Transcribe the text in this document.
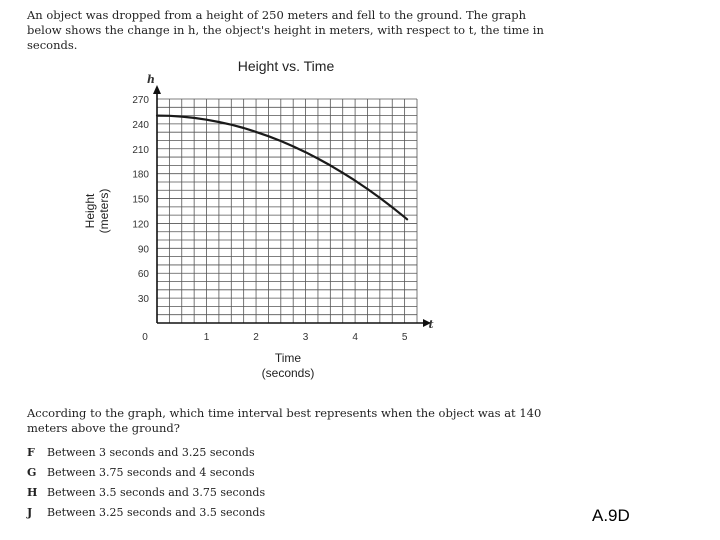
An object was dropped from a height of 250 meters and fell to the ground. The graph below shows the change in h, the object's height in meters, with respect to t, the time in seconds.

Height vs. Time
30
60
90
120
150
180
210
240
270
1	2	3	4	5
0
h
t
Time
(seconds)
Height (meters)

According to the graph, which time interval best represents when the object was at 140 meters above the ground?

F Between 3 seconds and 3.25 seconds
G Between 3.75 seconds and 4 seconds
H Between 3.5 seconds and 3.75 seconds
J Between 3.25 seconds and 3.5 seconds	A.9D
